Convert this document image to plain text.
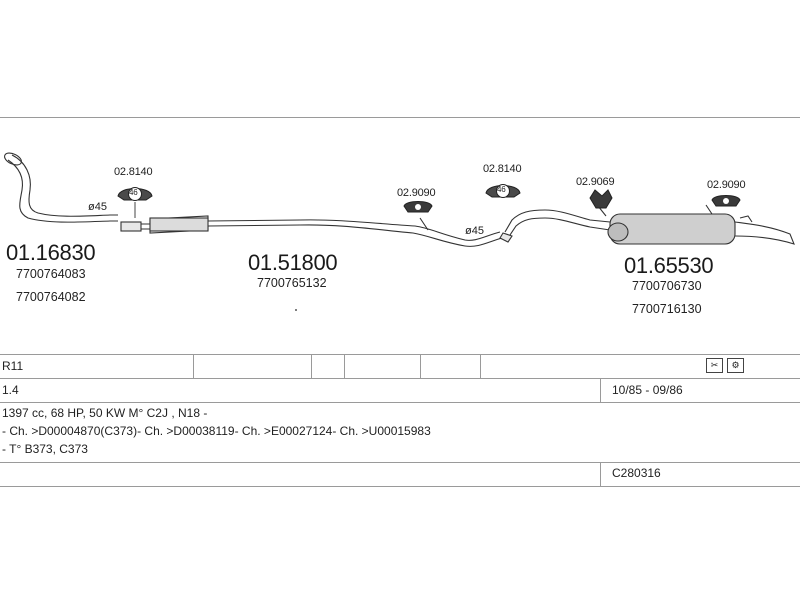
46	46
02.8140
02.9090
02.8140
02.9069	02.9090
ø45
ø45
01.16830
7700764083
7700764082
01.51800
7700765132
01.65530
7700706730
7700716130
R11	✂	⚙
1.4	10/85 - 09/86
1397 cc, 68 HP, 50 KW M° C2J , N18 -
- Ch. >D00004870(C373)- Ch. >D00038119- Ch. >E00027124- Ch. >U00015983
- T° B373, C373
C280316
